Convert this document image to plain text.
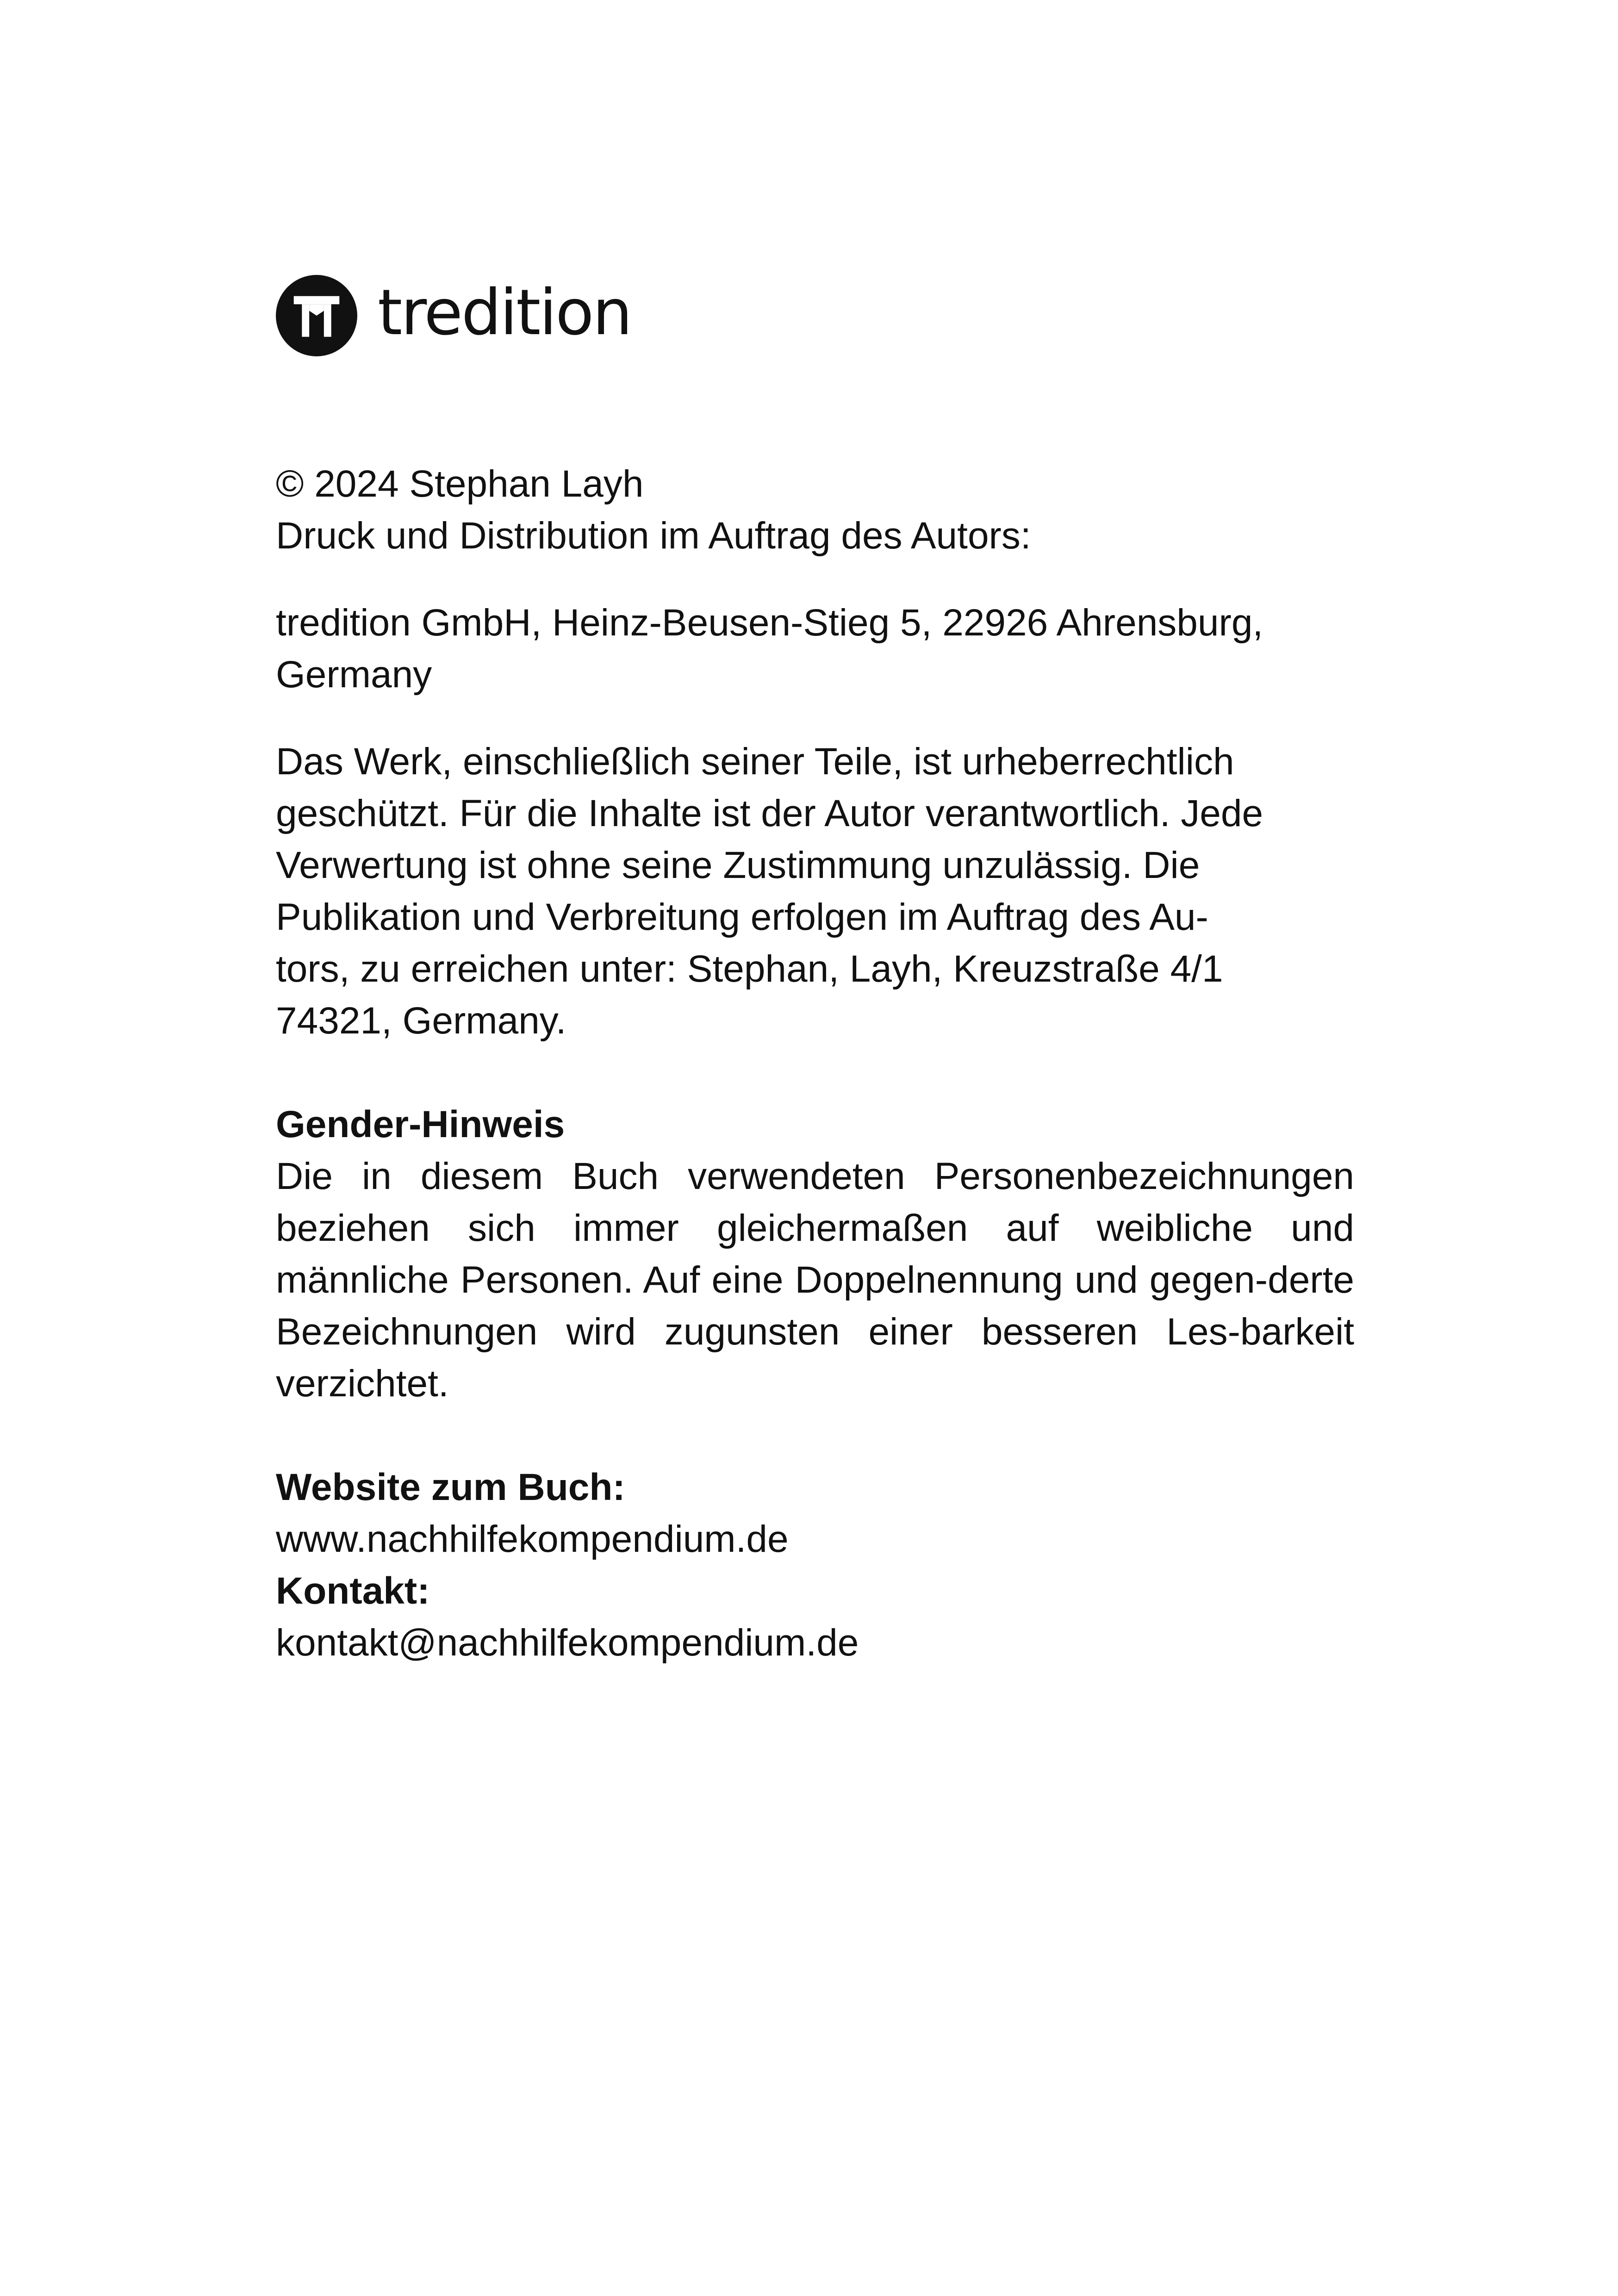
tredition

© 2024 Stephan Layh

Druck und Distribution im Auftrag des Autors:

tredition GmbH, Heinz-Beusen-Stieg 5, 22926 Ahrensburg,

Germany

Das Werk, einschließlich seiner Teile, ist urheberrechtlich

geschützt. Für die Inhalte ist der Autor verantwortlich. Jede

Verwertung ist ohne seine Zustimmung unzulässig. Die

Publikation und Verbreitung erfolgen im Auftrag des Au-

tors, zu erreichen unter: Stephan, Layh, Kreuzstraße 4/1

74321, Germany.

Gender-Hinweis

Die in diesem Buch verwendeten Personenbezeichnungen beziehen sich immer gleichermaßen auf weibliche und männliche Personen. Auf eine Doppelnennung und gegen-derte Bezeichnungen wird zugunsten einer besseren Les-barkeit verzichtet.

Website zum Buch:

www.nachhilfekompendium.de

Kontakt:

kontakt@nachhilfekompendium.de
